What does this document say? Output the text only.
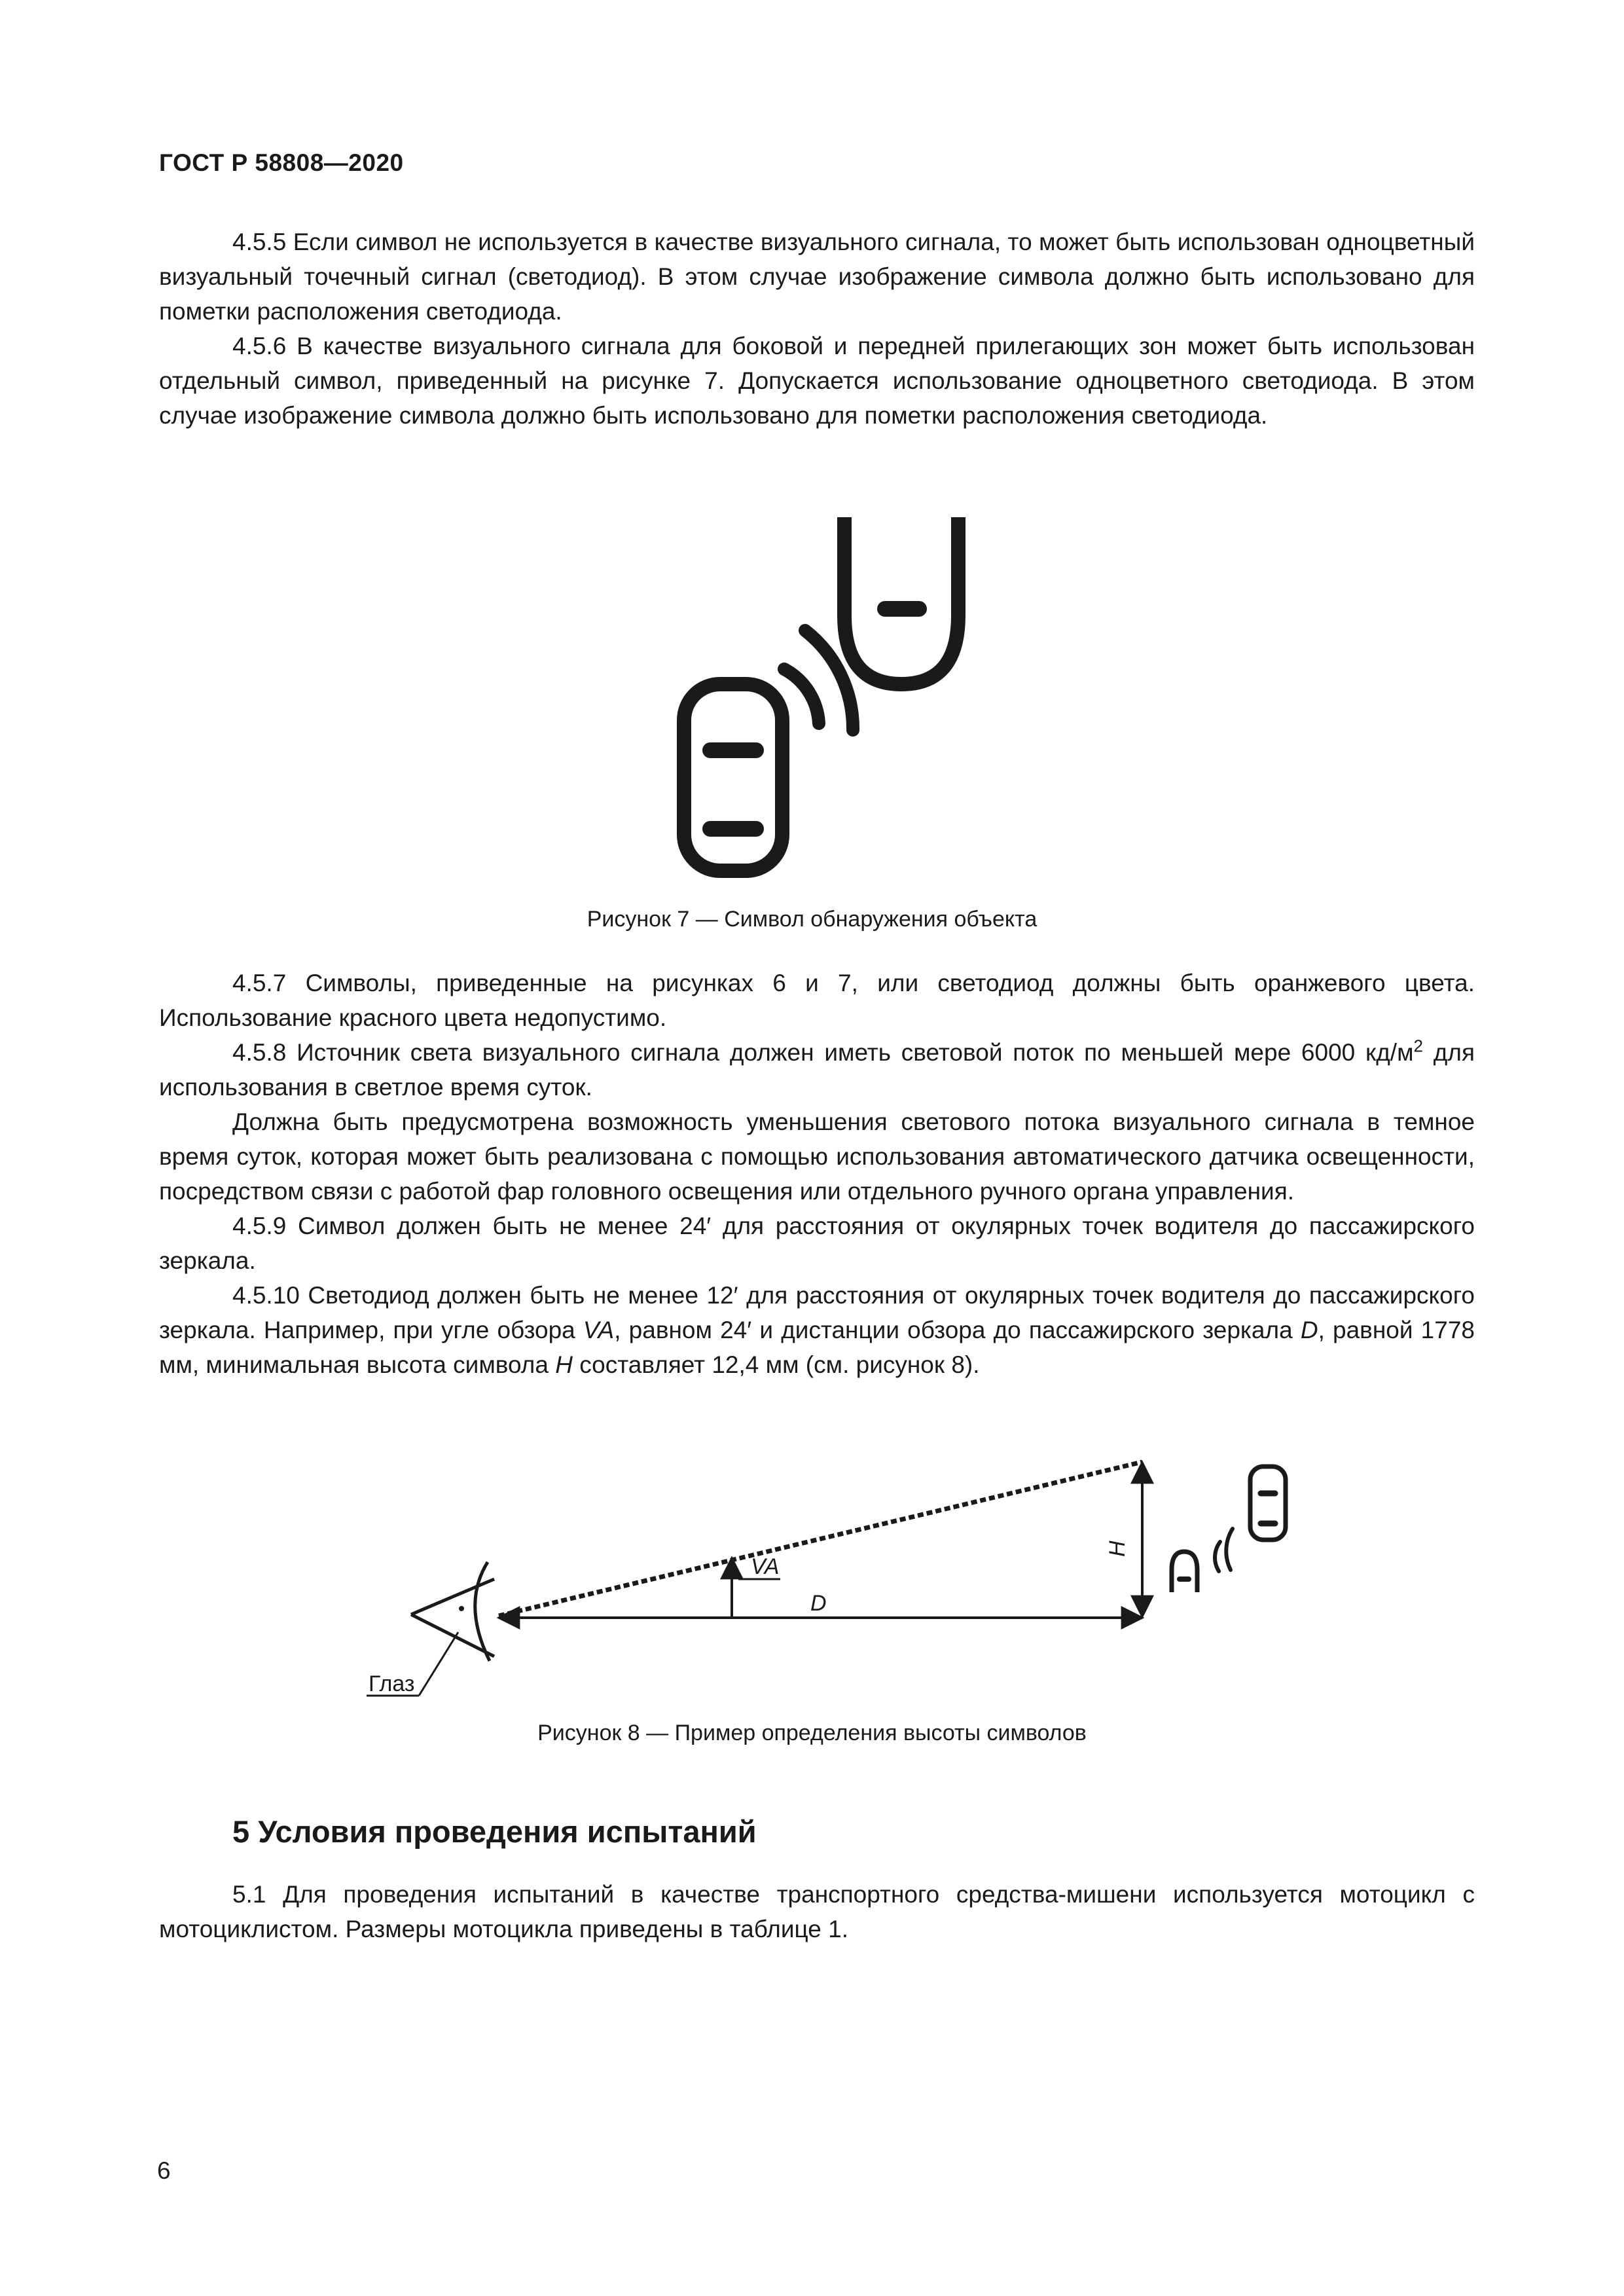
ГОСТ Р 58808—2020

4.5.5 Если символ не используется в качестве визуального сигнала, то может быть использован одноцветный визуальный точечный сигнал (светодиод). В этом случае изображение символа должно быть использовано для пометки расположения светодиода.

4.5.6 В качестве визуального сигнала для боковой и передней прилегающих зон может быть использован отдельный символ, приведенный на рисунке 7. Допускается использование одноцветного светодиода. В этом случае изображение символа должно быть использовано для пометки расположения светодиода.

Рисунок 7 — Символ обнаружения объекта

4.5.7 Символы, приведенные на рисунках 6 и 7, или светодиод должны быть оранжевого цвета. Использование красного цвета недопустимо.

4.5.8 Источник света визуального сигнала должен иметь световой поток по меньшей мере 6000 $кд/м^2$ для использования в светлое время суток.

Должна быть предусмотрена возможность уменьшения светового потока визуального сигнала в темное время суток, которая может быть реализована с помощью использования автоматического датчика освещенности, посредством связи с работой фар головного освещения или отдельного ручного органа управления.

4.5.9 Символ должен быть не менее 24′ для расстояния от окулярных точек водителя до пассажирского зеркала.

4.5.10 Светодиод должен быть не менее 12′ для расстояния от окулярных точек водителя до пассажирского зеркала. Например, при угле обзора VA, равном 24′ и дистанции обзора до пассажирского зеркала D, равной 1778 мм, минимальная высота символа H составляет 12,4 мм (см. рисунок 8).

VA
D
H
Глаз
Рисунок 8 — Пример определения высоты символов
5 Условия проведения испытаний

5.1 Для проведения испытаний в качестве транспортного средства-мишени используется мотоцикл с мотоциклистом. Размеры мотоцикла приведены в таблице 1.

6
